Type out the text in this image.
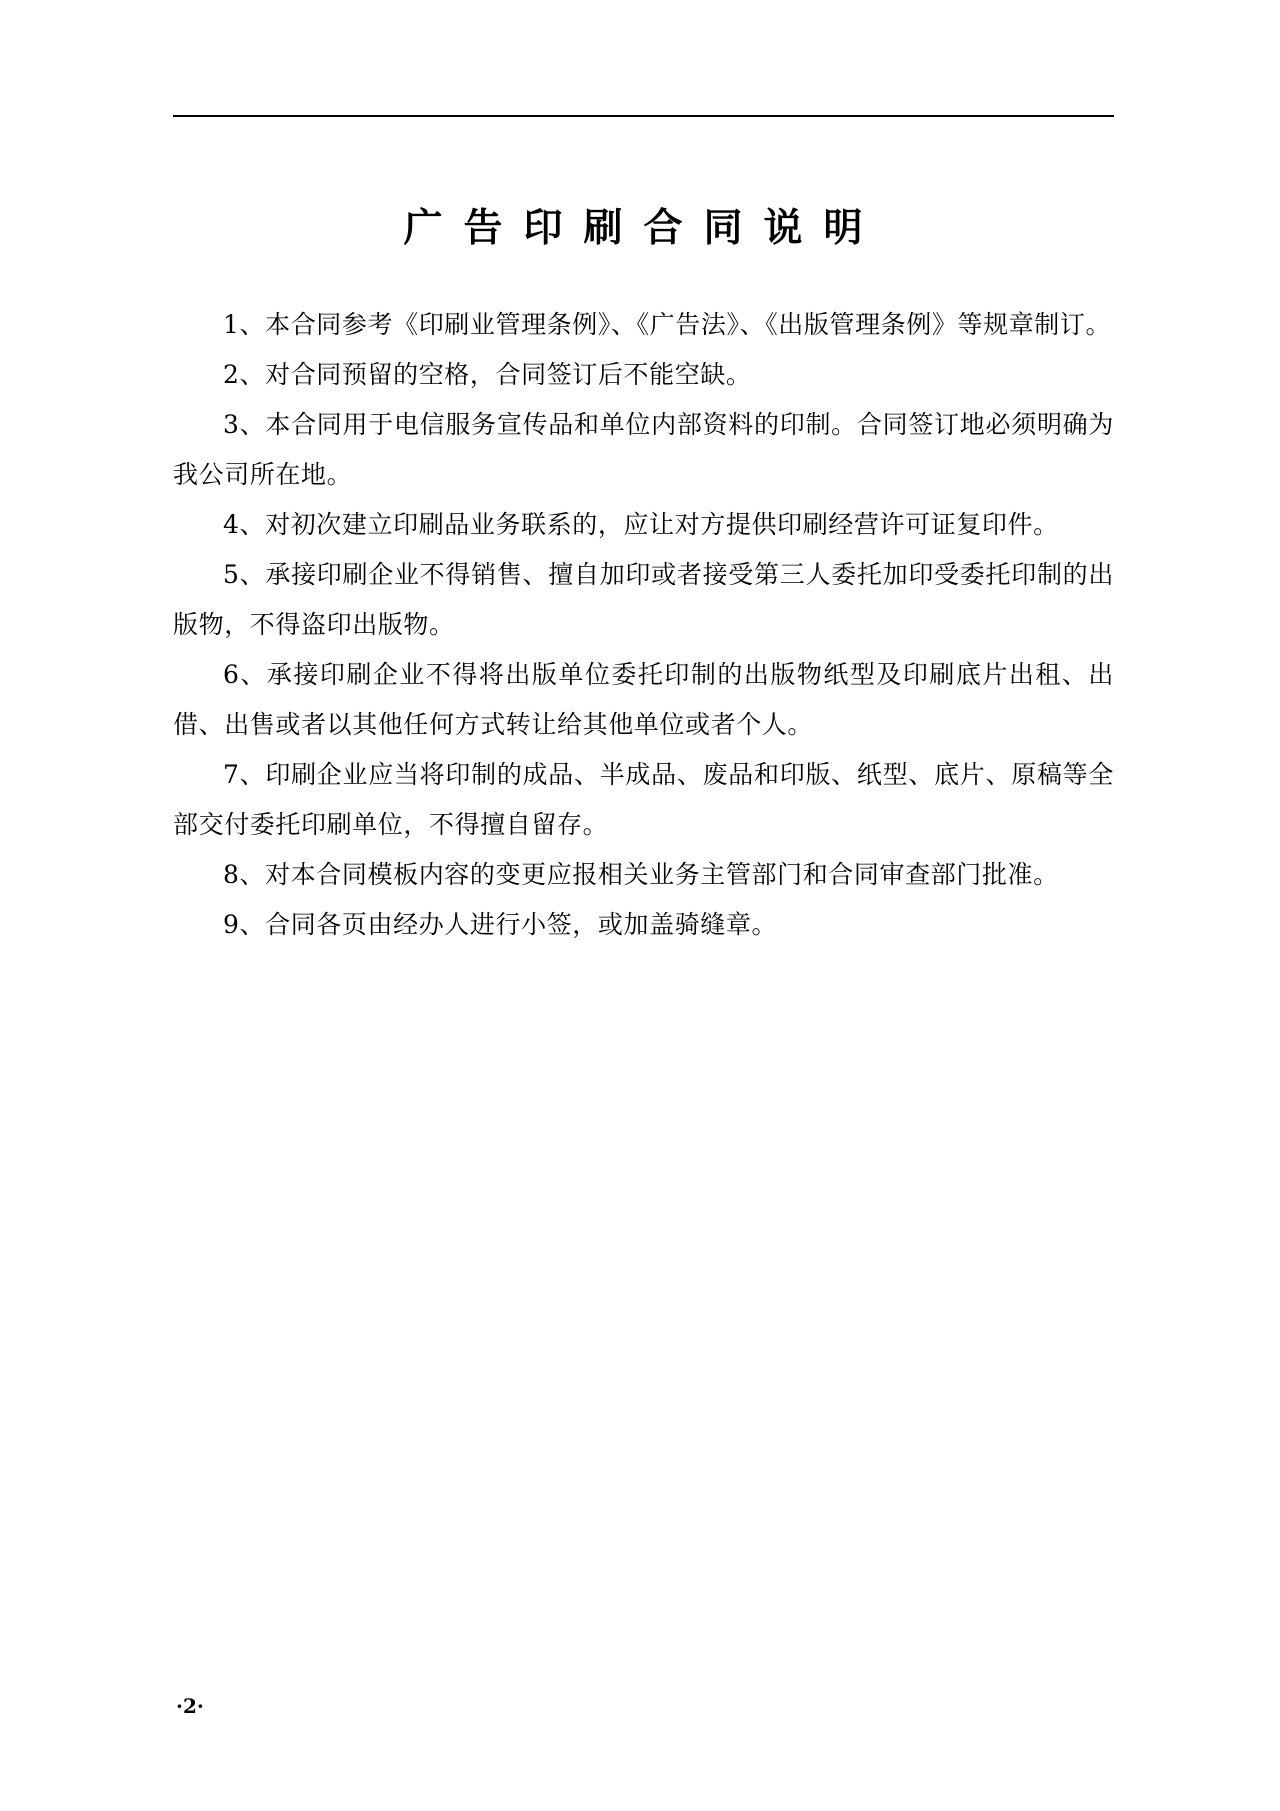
广告印刷合同说明

1、本合同参考《印刷业管理条例》、《广告法》、《出版管理条例》等规章制订。

2、对合同预留的空格，合同签订后不能空缺。

3、本合同用于电信服务宣传品和单位内部资料的印制。合同签订地必须明确为我公司所在地。

4、对初次建立印刷品业务联系的，应让对方提供印刷经营许可证复印件。

5、承接印刷企业不得销售、擅自加印或者接受第三人委托加印受委托印制的出版物，不得盗印出版物。

6、承接印刷企业不得将出版单位委托印制的出版物纸型及印刷底片出租、出借、出售或者以其他任何方式转让给其他单位或者个人。

7、印刷企业应当将印制的成品、半成品、废品和印版、纸型、底片、原稿等全部交付委托印刷单位，不得擅自留存。

8、对本合同模板内容的变更应报相关业务主管部门和合同审查部门批准。

9、合同各页由经办人进行小签，或加盖骑缝章。

·2·
